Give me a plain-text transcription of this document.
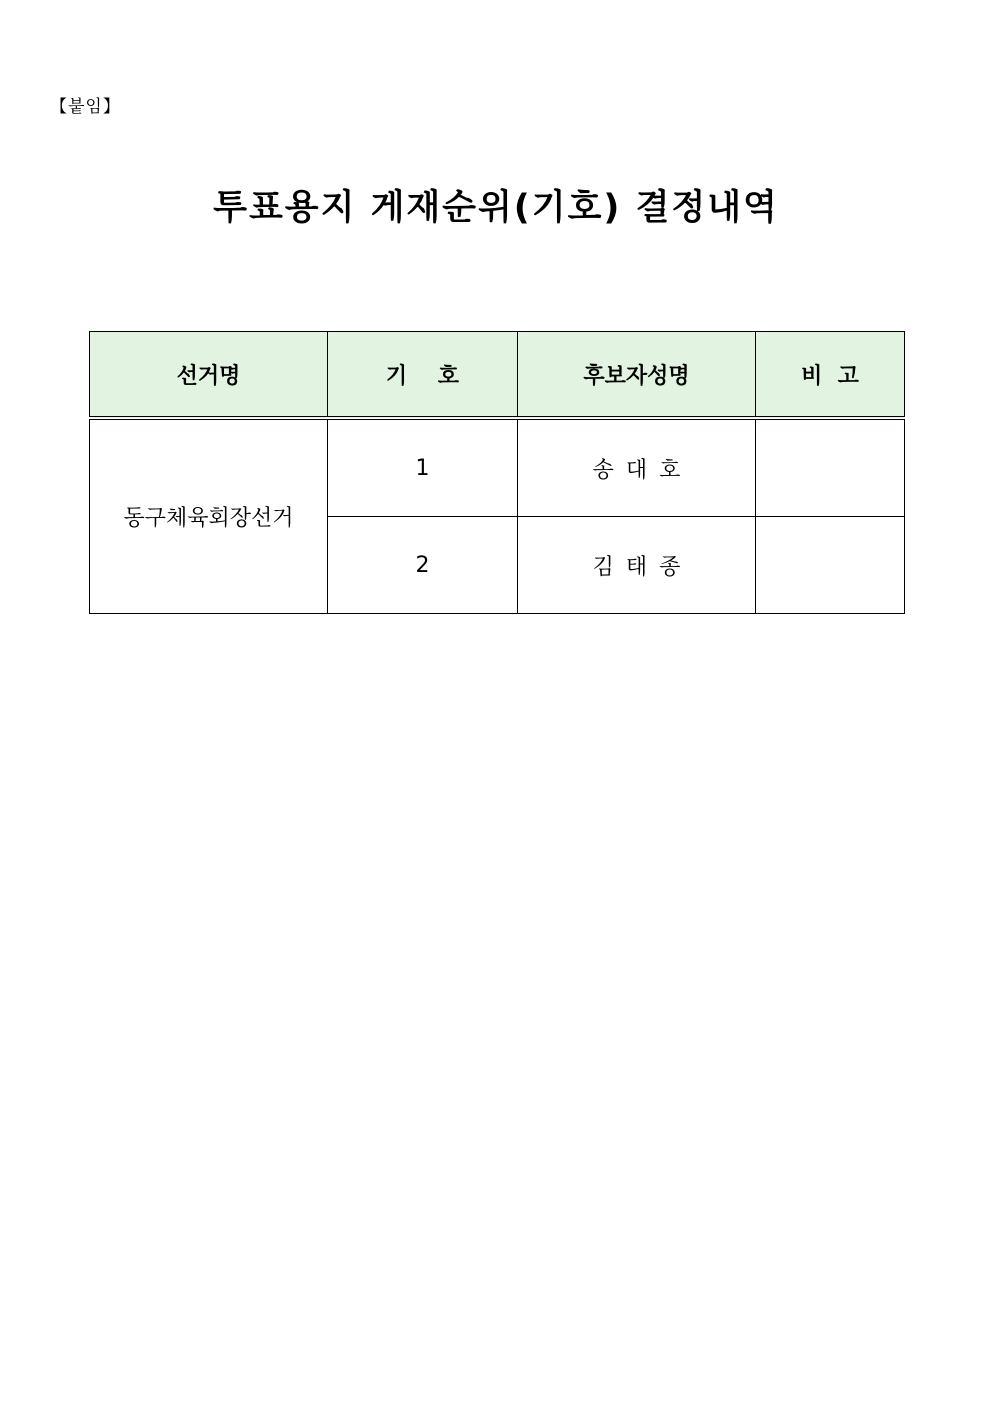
【붙임】
투표용지 게재순위(기호) 결정내역
선거명	기    호	후보자성명	비  고
동구체육회장선거	1	송대호	
	2	김태종	
